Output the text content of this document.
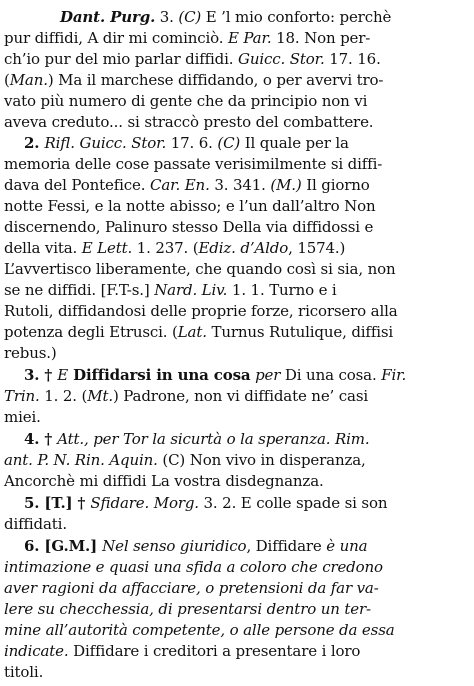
Dant. Purg. 3. (C) E ’l mio conforto: perchè
pur diffidi, A dir mi cominciò. E Par. 18. Non per-
ch’io pur del mio parlar diffidi. Guicc. Stor. 17. 16.
(Man.) Ma il marchese diffidando, o per avervi tro-
vato più numero di gente che da principio non vi
aveva creduto... si straccò presto del combattere.
2. Rifl. Guicc. Stor. 17. 6. (C) Il quale per la
memoria delle cose passate verisimilmente si diffi-
dava del Pontefice. Car. En. 3. 341. (M.) Il giorno
notte Fessi, e la notte abisso; e l’un dall’altro Non
discernendo, Palinuro stesso Della via diffidossi e
della vita. E Lett. 1. 237. (Ediz. d’Aldo, 1574.)
L’avvertisco liberamente, che quando così si sia, non
se ne diffidi. [F.T-s.] Nard. Liv. 1. 1. Turno e i
Rutoli, diffidandosi delle proprie forze, ricorsero alla
potenza degli Etrusci. (Lat. Turnus Rutulique, diffisi
rebus.)
3. † E Diffidarsi in una cosa per Di una cosa. Fir.
Trin. 1. 2. (Mt.) Padrone, non vi diffidate ne’ casi
miei.
4. † Att., per Tor la sicurtà o la speranza. Rim.
ant. P. N. Rin. Aquin. (C) Non vivo in disperanza,
Ancorchè mi diffidi La vostra disdegnanza.
5. [T.] † Sfidare. Morg. 3. 2. E colle spade si son
diffidati.
6. [G.M.] Nel senso giuridico, Diffidare è una
intimazione e quasi una sfida a coloro che credono
aver ragioni da affacciare, o pretensioni da far va-
lere su checchessia, di presentarsi dentro un ter-
mine all’autorità competente, o alle persone da essa
indicate. Diffidare i creditori a presentare i loro
titoli.
